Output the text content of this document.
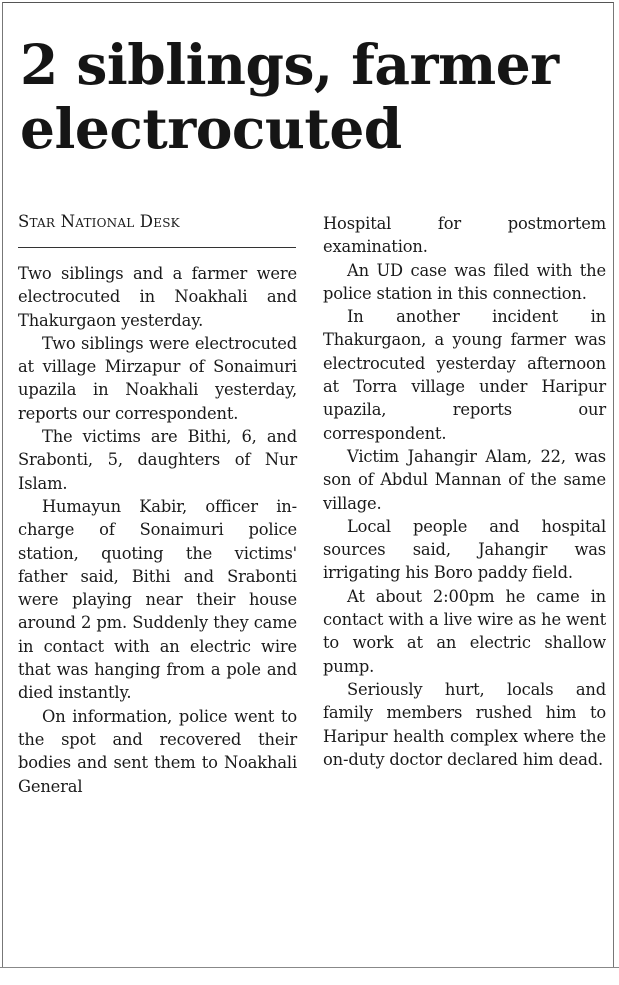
2 siblings, farmer
electrocuted
Star National Desk

Two siblings and a farmer were electrocuted in Noakhali and Thakurgaon yesterday.

Two siblings were electrocuted at village Mirzapur of Sonaimuri upazila in Noakhali yesterday, reports our correspondent.

The victims are Bithi, 6, and Srabonti, 5, daughters of Nur Islam.

Humayun Kabir, officer in-charge of Sonaimuri police station, quoting the victims' father said, Bithi and Srabonti were playing near their house around 2 pm. Suddenly they came in contact with an electric wire that was hanging from a pole and died instantly.

On information, police went to the spot and recovered their bodies and sent them to Noakhali General

Hospital for postmortem examination.

An UD case was filed with the police station in this connection.

In another incident in Thakurgaon, a young farmer was electrocuted yesterday afternoon at Torra village under Haripur upazila, reports our correspondent.

Victim Jahangir Alam, 22, was son of Abdul Mannan of the same village.

Local people and hospital sources said, Jahangir was irrigating his Boro paddy field.

At about 2:00pm he came in contact with a live wire as he went to work at an electric shallow pump.

Seriously hurt, locals and family members rushed him to Haripur health complex where the on-duty doctor declared him dead.
